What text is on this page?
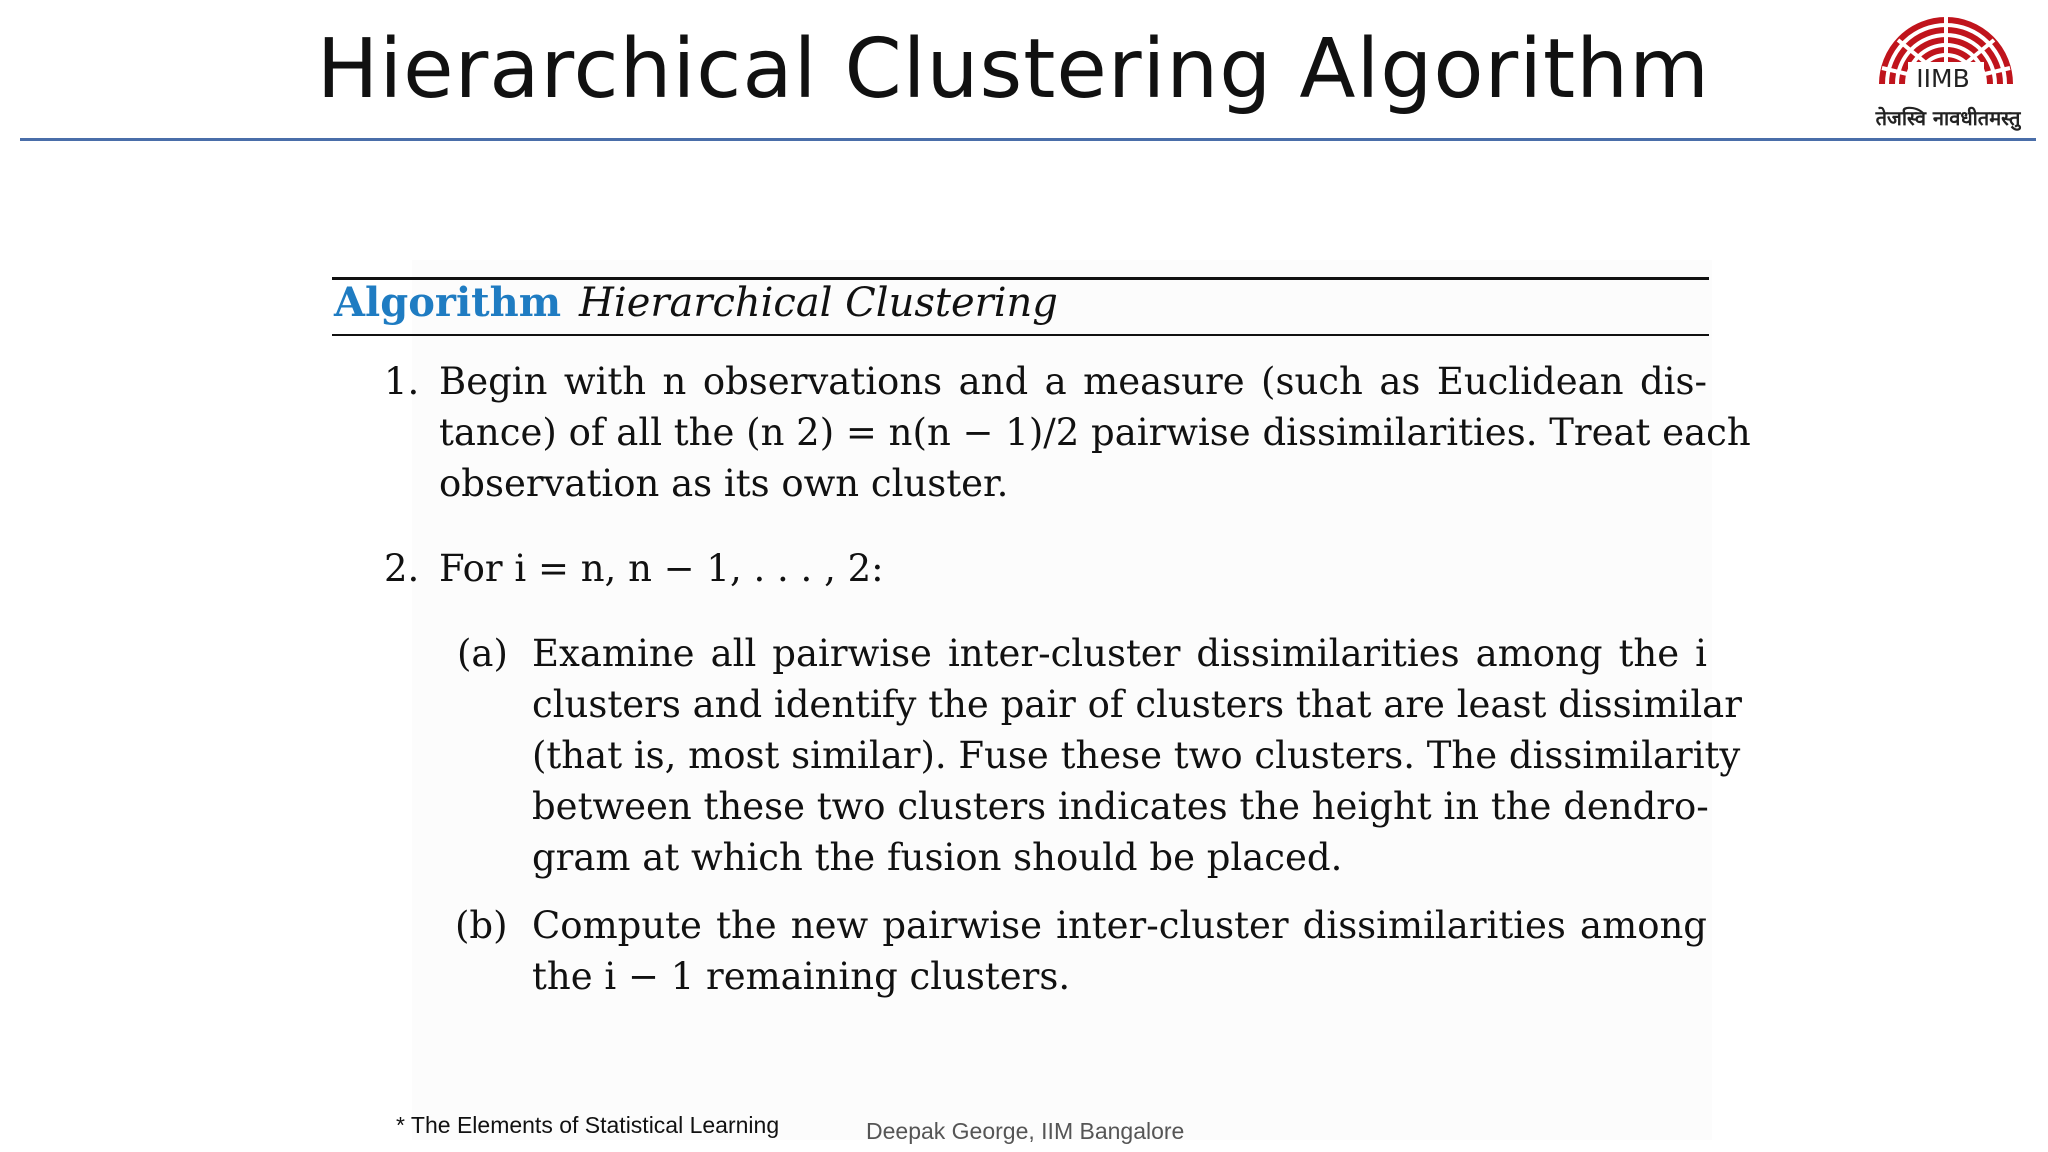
Hierarchical Clustering Algorithm	IIMB
तेजस्वि नावधीतमस्तु
Algorithm Hierarchical Clustering
1. Begin with n observations and a measure (such as Euclidean dis-
tance) of all the (n 2) = n(n − 1)/2 pairwise dissimilarities. Treat each
observation as its own cluster.
2. For i = n, n − 1, . . . , 2:
(a) Examine all pairwise inter-cluster dissimilarities among the i
clusters and identify the pair of clusters that are least dissimilar
(that is, most similar). Fuse these two clusters. The dissimilarity
between these two clusters indicates the height in the dendro-
gram at which the fusion should be placed.
(b) Compute the new pairwise inter-cluster dissimilarities among
the i − 1 remaining clusters.
* The Elements of Statistical Learning	Deepak George, IIM Bangalore
